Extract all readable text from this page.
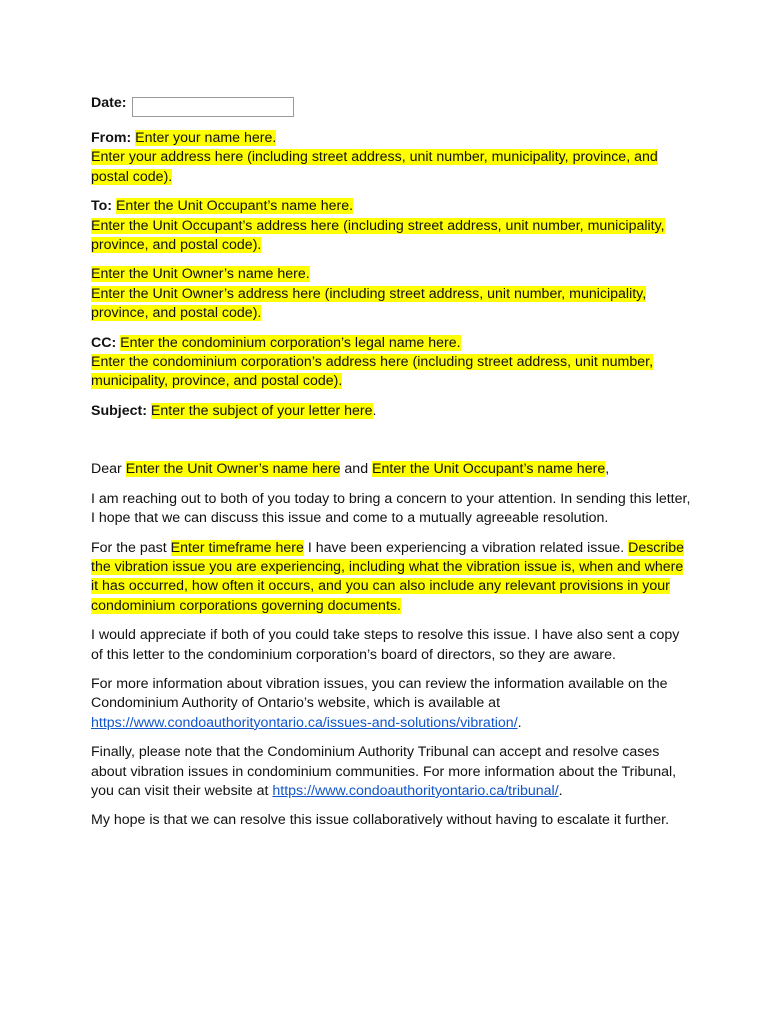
Date:

From: Enter your name here.
Enter your address here (including street address, unit number, municipality, province, and postal code).

To: Enter the Unit Occupant’s name here.
Enter the Unit Occupant’s address here (including street address, unit number, municipality, province, and postal code).

Enter the Unit Owner’s name here.
Enter the Unit Owner’s address here (including street address, unit number, municipality, province, and postal code).

CC: Enter the condominium corporation’s legal name here.
Enter the condominium corporation’s address here (including street address, unit number, municipality, province, and postal code).

Subject: Enter the subject of your letter here.

Dear Enter the Unit Owner’s name here and Enter the Unit Occupant’s name here,

I am reaching out to both of you today to bring a concern to your attention. In sending this letter, I hope that we can discuss this issue and come to a mutually agreeable resolution.

For the past Enter timeframe here I have been experiencing a vibration related issue. Describe the vibration issue you are experiencing, including what the vibration issue is, when and where it has occurred, how often it occurs, and you can also include any relevant provisions in your condominium corporations governing documents.

I would appreciate if both of you could take steps to resolve this issue. I have also sent a copy of this letter to the condominium corporation’s board of directors, so they are aware.

For more information about vibration issues, you can review the information available on the Condominium Authority of Ontario’s website, which is available at https://www.condoauthorityontario.ca/issues-and-solutions/vibration/.

Finally, please note that the Condominium Authority Tribunal can accept and resolve cases about vibration issues in condominium communities. For more information about the Tribunal, you can visit their website at https://www.condoauthorityontario.ca/tribunal/.

My hope is that we can resolve this issue collaboratively without having to escalate it further.
